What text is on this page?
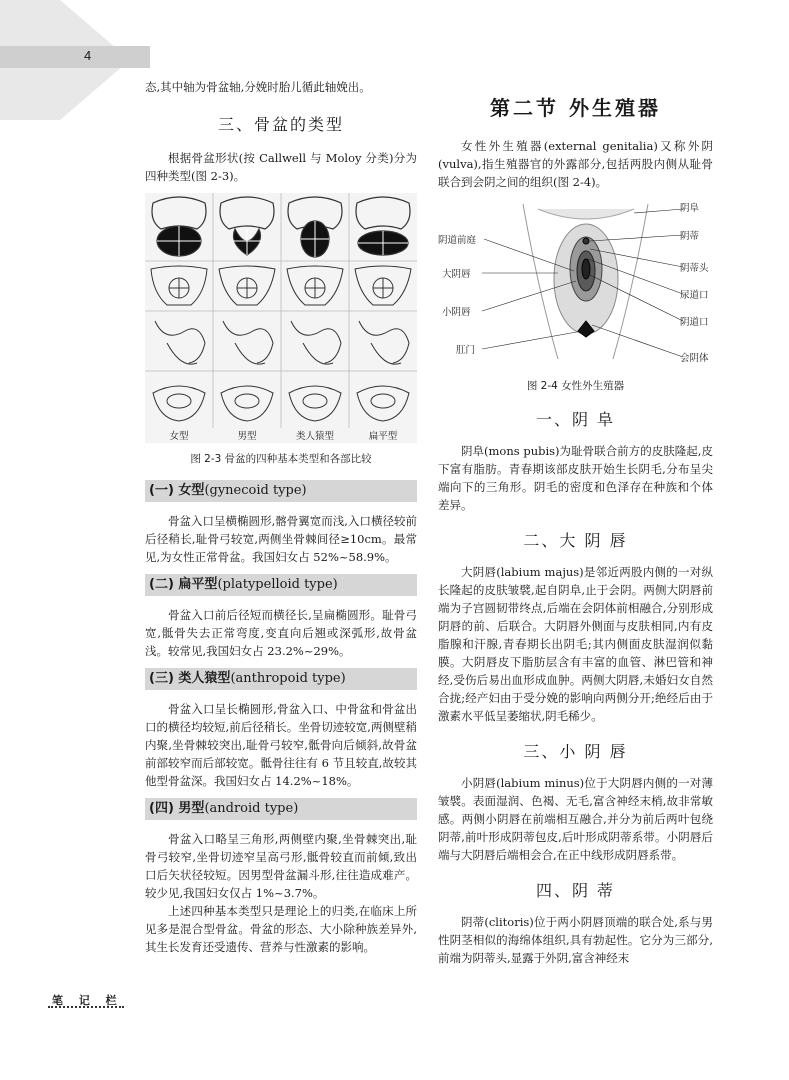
4

态,其中轴为骨盆轴,分娩时胎儿循此轴娩出。

三、骨盆的类型

根据骨盆形状(按 Callwell 与 Moloy 分类)分为四种类型(图 2-3)。

女型	男型	类人猿型	扁平型

图 2-3 骨盆的四种基本类型和各部比较

(一) 女型(gynecoid type)

骨盆入口呈横椭圆形,髂骨翼宽而浅,入口横径较前后径稍长,耻骨弓较宽,两侧坐骨棘间径≥10cm。最常见,为女性正常骨盆。我国妇女占 52%~58.9%。

(二) 扁平型(platypelloid type)

骨盆入口前后径短而横径长,呈扁椭圆形。耻骨弓宽,骶骨失去正常弯度,变直向后翘或深弧形,故骨盆浅。较常见,我国妇女占 23.2%~29%。

(三) 类人猿型(anthropoid type)

骨盆入口呈长椭圆形,骨盆入口、中骨盆和骨盆出口的横径均较短,前后径稍长。坐骨切迹较宽,两侧壁稍内聚,坐骨棘较突出,耻骨弓较窄,骶骨向后倾斜,故骨盆前部较窄而后部较宽。骶骨往往有 6 节且较直,故较其他型骨盆深。我国妇女占 14.2%~18%。

(四) 男型(android type)

骨盆入口略呈三角形,两侧壁内聚,坐骨棘突出,耻骨弓较窄,坐骨切迹窄呈高弓形,骶骨较直而前倾,致出口后矢状径较短。因男型骨盆漏斗形,往往造成难产。较少见,我国妇女仅占 1%~3.7%。

上述四种基本类型只是理论上的归类,在临床上所见多是混合型骨盆。骨盆的形态、大小除种族差异外,其生长发育还受遗传、营养与性激素的影响。

笔 记 栏

第二节 外生殖器

女性外生殖器(external genitalia)又称外阴(vulva),指生殖器官的外露部分,包括两股内侧从耻骨联合到会阴之间的组织(图 2-4)。

阴道前庭
大阴唇
小阴唇
肛门
阴阜
阴蒂
阴蒂头
尿道口
阴道口
会阴体

图 2-4 女性外生殖器

一、阴 阜

阴阜(mons pubis)为耻骨联合前方的皮肤隆起,皮下富有脂肪。青春期该部皮肤开始生长阴毛,分布呈尖端向下的三角形。阴毛的密度和色泽存在种族和个体差异。

二、大 阴 唇

大阴唇(labium majus)是邻近两股内侧的一对纵长隆起的皮肤皱襞,起自阴阜,止于会阴。两侧大阴唇前端为子宫圆韧带终点,后端在会阴体前相融合,分别形成阴唇的前、后联合。大阴唇外侧面与皮肤相同,内有皮脂腺和汗腺,青春期长出阴毛;其内侧面皮肤湿润似黏膜。大阴唇皮下脂肪层含有丰富的血管、淋巴管和神经,受伤后易出血形成血肿。两侧大阴唇,未婚妇女自然合拢;经产妇由于受分娩的影响向两侧分开;绝经后由于激素水平低呈萎缩状,阴毛稀少。

三、小 阴 唇

小阴唇(labium minus)位于大阴唇内侧的一对薄皱襞。表面湿润、色褐、无毛,富含神经末梢,故非常敏感。两侧小阴唇在前端相互融合,并分为前后两叶包绕阴蒂,前叶形成阴蒂包皮,后叶形成阴蒂系带。小阴唇后端与大阴唇后端相会合,在正中线形成阴唇系带。

四、阴 蒂

阴蒂(clitoris)位于两小阴唇顶端的联合处,系与男性阴茎相似的海绵体组织,具有勃起性。它分为三部分,前端为阴蒂头,显露于外阴,富含神经末
